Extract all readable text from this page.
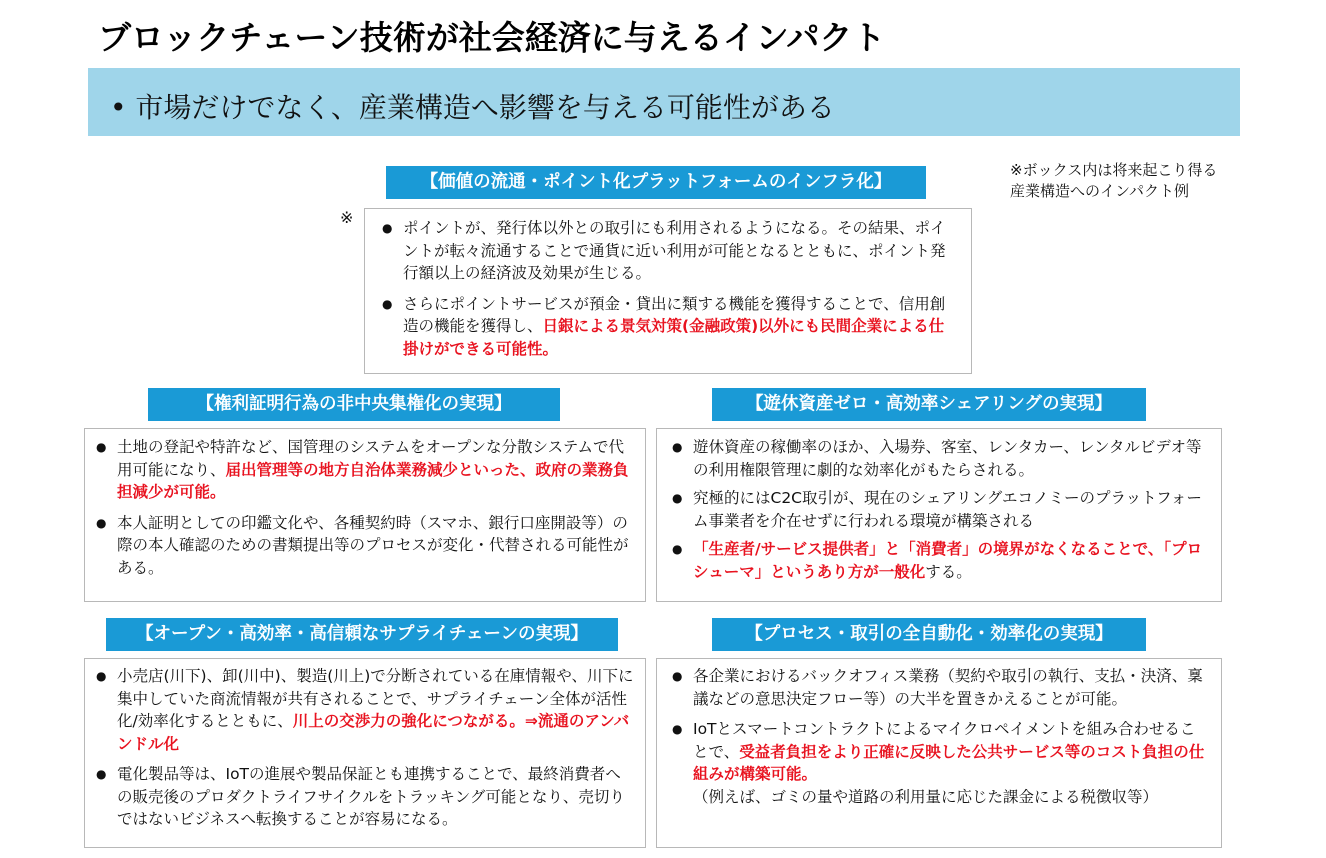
ブロックチェーン技術が社会経済に与えるインパクト
• 市場だけでなく、産業構造へ影響を与える可能性がある
※ボックス内は将来起こり得る
産業構造へのインパクト例
※
【価値の流通・ポイント化プラットフォームのインフラ化】
● ポイントが、発行体以外との取引にも利用されるようになる。その結果、ポイントが転々流通することで通貨に近い利用が可能となるとともに、ポイント発行額以上の経済波及効果が生じる。
● さらにポイントサービスが預金・貸出に類する機能を獲得することで、信用創造の機能を獲得し、日銀による景気対策(金融政策)以外にも民間企業による仕掛けができる可能性。
【権利証明行為の非中央集権化の実現】
● 土地の登記や特許など、国管理のシステムをオープンな分散システムで代用可能になり、届出管理等の地方自治体業務減少といった、政府の業務負担減少が可能。
● 本人証明としての印鑑文化や、各種契約時（スマホ、銀行口座開設等）の際の本人確認のための書類提出等のプロセスが変化・代替される可能性がある。
【遊休資産ゼロ・高効率シェアリングの実現】
● 遊休資産の稼働率のほか、入場券、客室、レンタカー、レンタルビデオ等の利用権限管理に劇的な効率化がもたらされる。
● 究極的にはC2C取引が、現在のシェアリングエコノミーのプラットフォーム事業者を介在せずに行われる環境が構築される
● 「生産者/サービス提供者」と「消費者」の境界がなくなることで、「プロシューマ」というあり方が一般化する。
【オープン・高効率・高信頼なサプライチェーンの実現】
● 小売店(川下)、卸(川中)、製造(川上)で分断されている在庫情報や、川下に集中していた商流情報が共有されることで、サプライチェーン全体が活性化/効率化するとともに、川上の交渉力の強化につながる。⇒流通のアンバンドル化
● 電化製品等は、IoTの進展や製品保証とも連携することで、最終消費者への販売後のプロダクトライフサイクルをトラッキング可能となり、売切りではないビジネスへ転換することが容易になる。
【プロセス・取引の全自動化・効率化の実現】
● 各企業におけるバックオフィス業務（契約や取引の執行、支払・決済、稟議などの意思決定フロー等）の大半を置きかえることが可能。
● IoTとスマートコントラクトによるマイクロペイメントを組み合わせることで、受益者負担をより正確に反映した公共サービス等のコスト負担の仕組みが構築可能。
（例えば、ゴミの量や道路の利用量に応じた課金による税徴収等）
